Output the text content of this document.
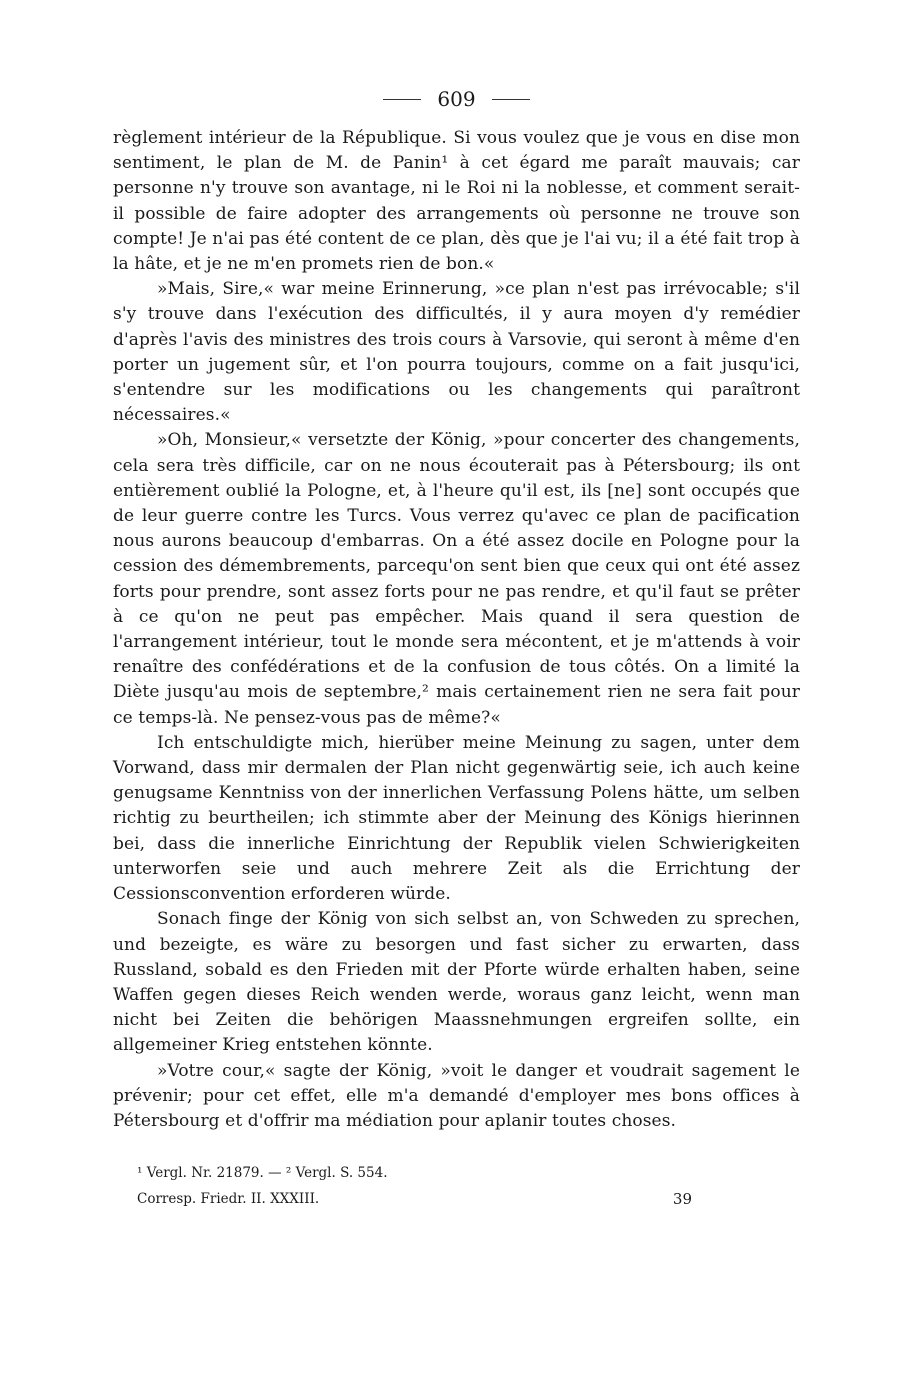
609

règlement intérieur de la République. Si vous voulez que je vous en dise mon sentiment, le plan de M. de Panin¹ à cet égard me paraît mauvais; car personne n'y trouve son avantage, ni le Roi ni la noblesse, et comment serait-il possible de faire adopter des arrangements où personne ne trouve son compte! Je n'ai pas été content de ce plan, dès que je l'ai vu; il a été fait trop à la hâte, et je ne m'en promets rien de bon.«

»Mais, Sire,« war meine Erinnerung, »ce plan n'est pas irrévocable; s'il s'y trouve dans l'exécution des difficultés, il y aura moyen d'y remédier d'après l'avis des ministres des trois cours à Varsovie, qui seront à même d'en porter un jugement sûr, et l'on pourra toujours, comme on a fait jusqu'ici, s'entendre sur les modifications ou les changements qui paraîtront nécessaires.«

»Oh, Monsieur,« versetzte der König, »pour concerter des changements, cela sera très difficile, car on ne nous écouterait pas à Pétersbourg; ils ont entièrement oublié la Pologne, et, à l'heure qu'il est, ils [ne] sont occupés que de leur guerre contre les Turcs. Vous verrez qu'avec ce plan de pacification nous aurons beaucoup d'embarras. On a été assez docile en Pologne pour la cession des démembrements, parcequ'on sent bien que ceux qui ont été assez forts pour prendre, sont assez forts pour ne pas rendre, et qu'il faut se prêter à ce qu'on ne peut pas empêcher. Mais quand il sera question de l'arrangement intérieur, tout le monde sera mécontent, et je m'attends à voir renaître des confédérations et de la confusion de tous côtés. On a limité la Diète jusqu'au mois de septembre,² mais certainement rien ne sera fait pour ce temps-là. Ne pensez-vous pas de même?«

Ich entschuldigte mich, hierüber meine Meinung zu sagen, unter dem Vorwand, dass mir dermalen der Plan nicht gegenwärtig seie, ich auch keine genugsame Kenntniss von der innerlichen Verfassung Polens hätte, um selben richtig zu beurtheilen; ich stimmte aber der Meinung des Königs hierinnen bei, dass die innerliche Einrichtung der Republik vielen Schwierigkeiten unterworfen seie und auch mehrere Zeit als die Errichtung der Cessionsconvention erforderen würde.

Sonach finge der König von sich selbst an, von Schweden zu sprechen, und bezeigte, es wäre zu besorgen und fast sicher zu erwarten, dass Russland, sobald es den Frieden mit der Pforte würde erhalten haben, seine Waffen gegen dieses Reich wenden werde, woraus ganz leicht, wenn man nicht bei Zeiten die behörigen Maassnehmungen ergreifen sollte, ein allgemeiner Krieg entstehen könnte.

»Votre cour,« sagte der König, »voit le danger et voudrait sagement le prévenir; pour cet effet, elle m'a demandé d'employer mes bons offices à Pétersbourg et d'offrir ma médiation pour aplanir toutes choses.

¹ Vergl. Nr. 21879. — ² Vergl. S. 554.
Corresp. Friedr. II. XXXIII.	39
